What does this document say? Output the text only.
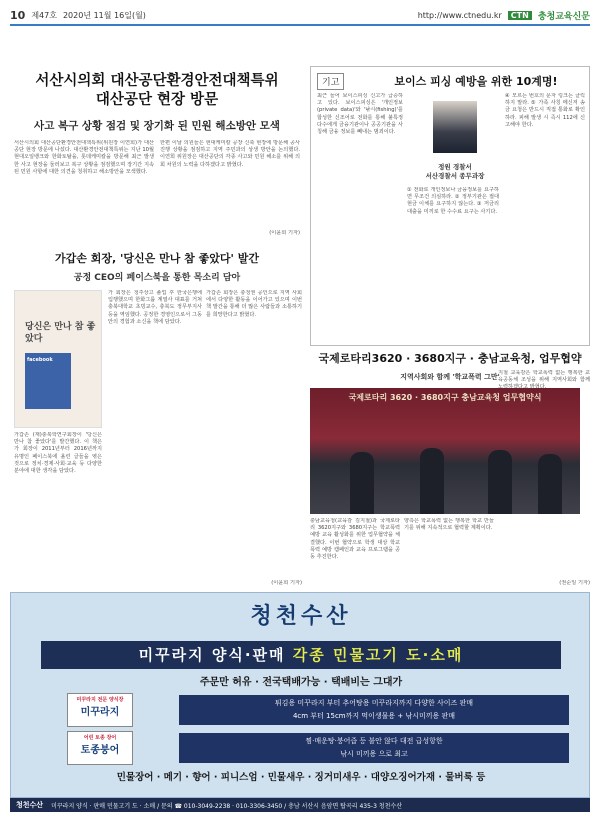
10 제47호 2020년 11월 16일(월)	http://www.ctnedu.kr	CTN	충청교육신문
서산시의회 대산공단환경안전대책특위
대산공단 현장 방문
사고 복구 상황 점검 및 장기화 된 민원 해소방안 모색
서산시의회 대산공단환경안전대책특위(위원장 이연희)가 대산공단 현장 방문에 나섰다. 대산환경안전대책특위는 지난 10월 현대오일뱅크와 한화토탈을, 롯데케미칼을 방문해 최근 발생한 사고 현장을 둘러보고 복구 상황을 점검했으며 장기간 지속된 민원 사항에 대한 의견을 청취하고 해소방안을 모색했다.
한편 이날 의원들은 현대케미칼 공장 신축 현장에 방문해 공사 진행 상황을 점검하고 지역 주민과의 상생 방안을 논의했다. 이연희 위원장은 대산공단의 각종 사고와 민원 해소를 위해 의회 차원의 노력을 다하겠다고 밝혔다.
(이윤희 기자)
가갑손 회장, '당신은 만나 참 좋았다' 발간
공정 CEO의 페이스북을 통한 목소리 담아
당신은 만나 참 좋았다
facebook
가 회장은 청주상고 졸업 후 한국은행에 입행했으며 한화그룹 계열사 대표를 거쳐 충북대학교 초빙교수, 충북도 정무부지사 등을 역임했다. 공정한 경영인으로서 그동안의 경험과 소신을 책에 담았다.
가갑손 회장은 충청권 공인으로 지역 사회에서 다양한 활동을 이어가고 있으며 이번 책 발간을 통해 더 많은 사람들과 소통하기를 희망한다고 밝혔다.
가갑손 (재)충북학연구회장이 '당신은 만나 참 좋았다'를 발간했다. 이 책은 가 회장이 2011년부터 2016년까지 유명인 페이스북에 올린 글들을 엮은 것으로 정치·경제·사회·교육 등 다양한 분야에 대한 생각을 담았다.
(이윤희 기자)
기고	보이스 피싱 예방을 위한 10계명!
최근 들어 보이스피싱 신고가 급증하고 있다. 보이스피싱은 '개인정보(private data)'와 '낚시(fishing)'를 합성한 신조어로 전화를 통해 불특정 다수에게 금융기관이나 공공기관을 사칭해 금융 정보를 빼내는 범죄이다.
정원 경찰서
서산경찰서 종무과장
① 전화로 개인정보나 금융정보를 요구하면 무조건 의심하라. ② 정부기관은 절대 현금 이체를 요구하지 않는다. ③ 저금리 대출을 미끼로 한 수수료 요구는 사기다.
④ 모르는 번호의 문자 링크는 클릭하지 말라. ⑤ 가족 사칭 메신저 송금 요청은 반드시 직접 통화로 확인하라. 피해 발생 시 즉시 112에 신고해야 한다.
국제로타리3620 · 3680지구 · 충남교육청, 업무협약
지역사회와 함께 '학교폭력 그만'
국제로타리 3620 · 3680지구 충남교육청 업무협약식
충남교육청(교육감 김지철)과 국제로타리 3620지구와 3680지구는 학교폭력 예방 교육 활성화를 위한 업무협약을 체결했다. 이번 협약으로 학생 대상 학교폭력 예방 캠페인과 교육 프로그램을 공동 추진한다.
양측은 학교폭력 없는 행복한 학교 만들기를 위해 지속적으로 협력할 계획이다.
지철 교육감은 학교폭력 없는 행복한 교육공동체 조성을 위해 지역사회와 함께 노력하겠다고 밝혔다.
(권순일 기자)
청천수산
미꾸라지 양식·판매 각종 민물고기 도·소매
주문만 허유 · 전국택배가능 · 택배비는 그대가
미꾸라지 전문 양식장
미꾸라지
튀김용 미꾸라지 부터 추어탕용 미꾸라지까지 다양한 사이즈 판매
4cm 부터 15cm까지 먹이생물용 + 낚시미끼용 판매
어린 토종 장어
토종붕어
찜·매운탕·붕어즙 등 불안 않다 대전 급성항한
낚시 미끼용 으로 최고
민물장어 · 메기 · 향어 · 피니스엄 · 민물새우 · 징거미새우 · 대양오징어가재 · 물버룩 등
청천수산 미꾸라지 양식 · 판매 민물고기 도 · 소매 / 문의 ☎ 010-3049-2238 · 010-3306-3450 / 충남 서산시 음암면 탑곡리 435-3 청천수산
